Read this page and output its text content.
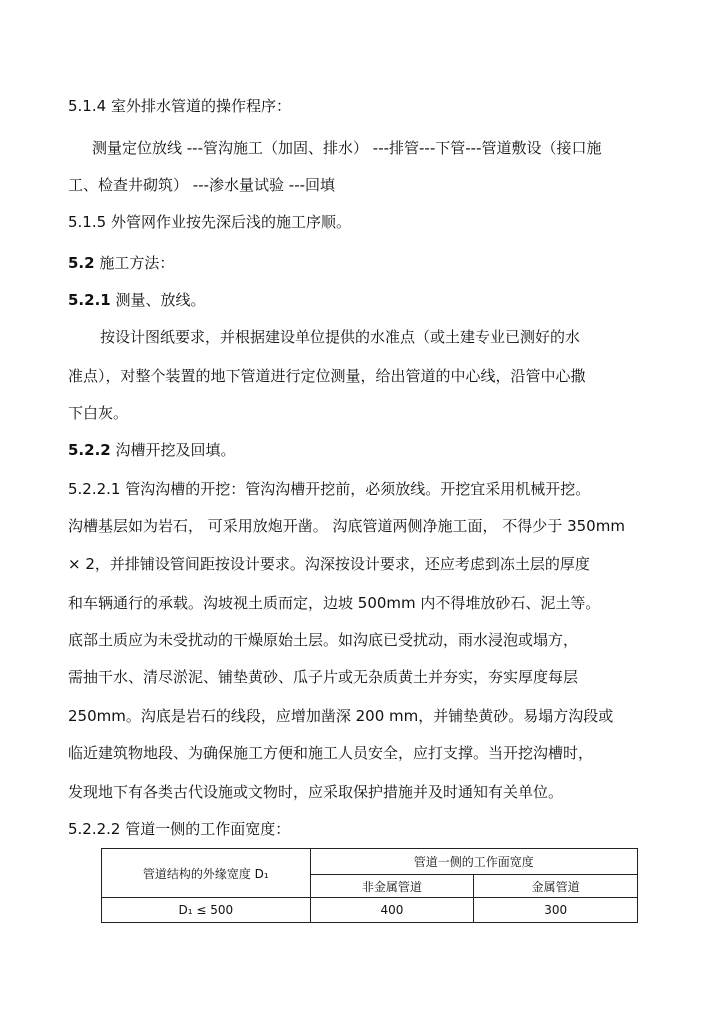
5.1.4 室外排水管道的操作程序：
测量定位放线 ---管沟施工（加固、排水） ---排管---下管---管道敷设（接口施
工、检查井砌筑） ---渗水量试验 ---回填
5.1.5 外管网作业按先深后浅的施工序顺。
5.2 施工方法：
5.2.1 测量、放线。
按设计图纸要求，并根据建设单位提供的水准点（或土建专业已测好的水
准点），对整个装置的地下管道进行定位测量，给出管道的中心线，沿管中心撒
下白灰。
5.2.2 沟槽开挖及回填。
5.2.2.1 管沟沟槽的开挖：管沟沟槽开挖前，必须放线。开挖宜采用机械开挖。
沟槽基层如为岩石， 可采用放炮开凿。 沟底管道两侧净施工面， 不得少于 350mm
× 2，并排铺设管间距按设计要求。沟深按设计要求，还应考虑到冻土层的厚度
和车辆通行的承载。沟坡视土质而定，边坡 500mm 内不得堆放砂石、泥土等。
底部土质应为未受扰动的干燥原始土层。如沟底已受扰动，雨水浸泡或塌方，
需抽干水、清尽淤泥、铺垫黄砂、瓜子片或无杂质黄土并夯实，夯实厚度每层
250mm。沟底是岩石的线段，应增加凿深 200 mm，并铺垫黄砂。易塌方沟段或
临近建筑物地段、为确保施工方便和施工人员安全，应打支撑。当开挖沟槽时，
发现地下有各类古代设施或文物时，应采取保护措施并及时通知有关单位。
5.2.2.2 管道一侧的工作面宽度：
管道结构的外缘宽度 D₁	管道一侧的工作面宽度	
	非金属管道	金属管道
D₁ ≤ 500	400	300
